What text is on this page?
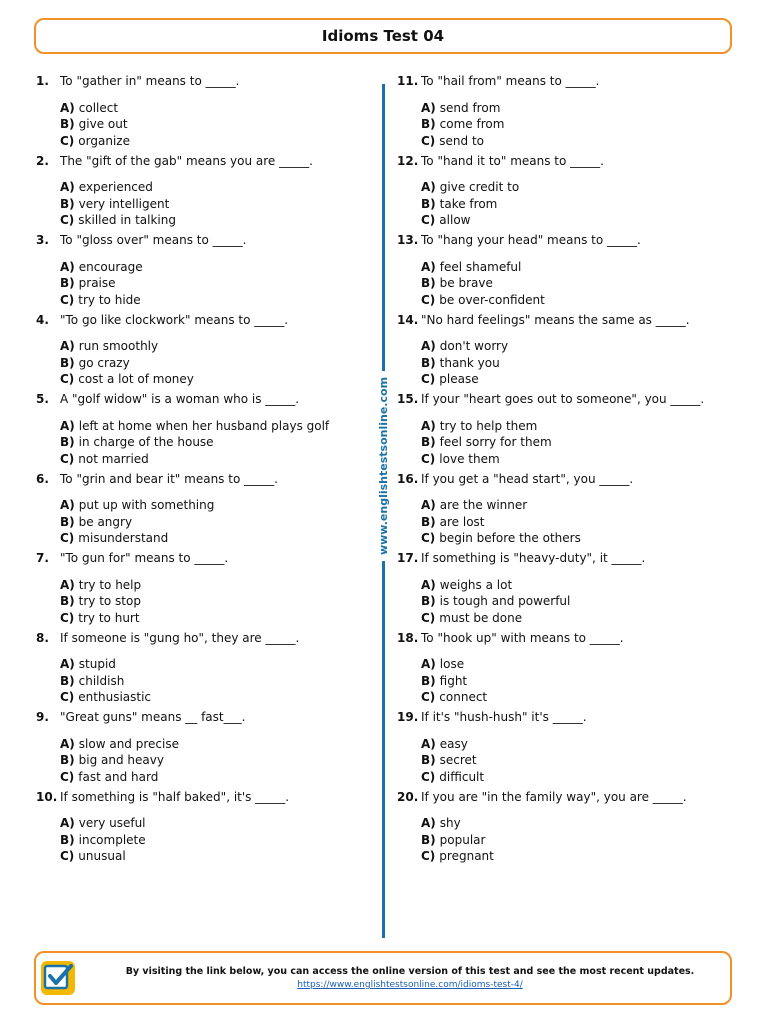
Idioms Test 04
www.englishtestsonline.com
1. To "gather in" means to _____.
A) collect
B) give out
C) organize
2. The "gift of the gab" means you are _____.
A) experienced
B) very intelligent
C) skilled in talking
3. To "gloss over" means to _____.
A) encourage
B) praise
C) try to hide
4. "To go like clockwork" means to _____.
A) run smoothly
B) go crazy
C) cost a lot of money
5. A "golf widow" is a woman who is _____.
A) left at home when her husband plays golf
B) in charge of the house
C) not married
6. To "grin and bear it" means to _____.
A) put up with something
B) be angry
C) misunderstand
7. "To gun for" means to _____.
A) try to help
B) try to stop
C) try to hurt
8. If someone is "gung ho", they are _____.
A) stupid
B) childish
C) enthusiastic
9. "Great guns" means __ fast___.
A) slow and precise
B) big and heavy
C) fast and hard
10. If something is "half baked", it's _____.
A) very useful
B) incomplete
C) unusual
11. To "hail from" means to _____.
A) send from
B) come from
C) send to
12. To "hand it to" means to _____.
A) give credit to
B) take from
C) allow
13. To "hang your head" means to _____.
A) feel shameful
B) be brave
C) be over-confident
14. "No hard feelings" means the same as _____.
A) don't worry
B) thank you
C) please
15. If your "heart goes out to someone", you _____.
A) try to help them
B) feel sorry for them
C) love them
16. If you get a "head start", you _____.
A) are the winner
B) are lost
C) begin before the others
17. If something is "heavy-duty", it _____.
A) weighs a lot
B) is tough and powerful
C) must be done
18. To "hook up" with means to _____.
A) lose
B) fight
C) connect
19. If it's "hush-hush" it's _____.
A) easy
B) secret
C) difficult
20. If you are "in the family way", you are _____.
A) shy
B) popular
C) pregnant
By visiting the link below, you can access the online version of this test and see the most recent updates.
https://www.englishtestsonline.com/idioms-test-4/
